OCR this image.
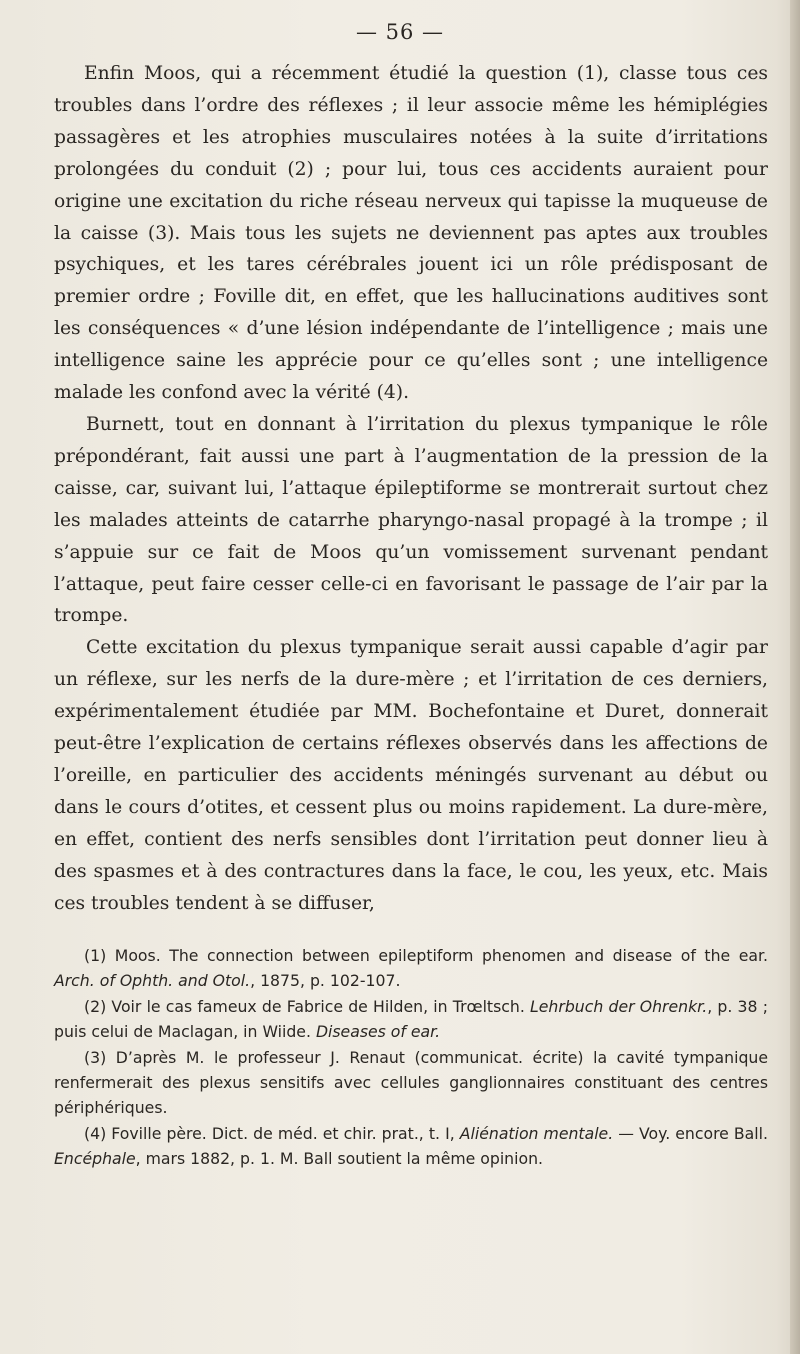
— 56 —

Enfin Moos, qui a récemment étudié la question (1), classe tous ces troubles dans l’ordre des réflexes ; il leur associe même les hémiplégies passagères et les atrophies musculaires notées à la suite d’irritations prolongées du conduit (2) ; pour lui, tous ces accidents auraient pour origine une excitation du riche réseau nerveux qui tapisse la muqueuse de la caisse (3). Mais tous les sujets ne deviennent pas aptes aux troubles psychiques, et les tares cérébrales jouent ici un rôle prédisposant de premier ordre ; Foville dit, en effet, que les hallucinations auditives sont les conséquences « d’une lésion indépendante de l’intelligence ; mais une intelligence saine les apprécie pour ce qu’elles sont ; une intelligence malade les confond avec la vérité (4).

Burnett, tout en donnant à l’irritation du plexus tympanique le rôle prépondérant, fait aussi une part à l’augmentation de la pression de la caisse, car, suivant lui, l’attaque épileptiforme se montrerait surtout chez les malades atteints de catarrhe pharyngo-nasal propagé à la trompe ; il s’appuie sur ce fait de Moos qu’un vomissement survenant pendant l’attaque, peut faire cesser celle-ci en favorisant le passage de l’air par la trompe.

Cette excitation du plexus tympanique serait aussi capable d’agir par un réflexe, sur les nerfs de la dure-mère ; et l’irritation de ces derniers, expérimentalement étudiée par MM. Bochefontaine et Duret, donnerait peut-être l’explication de certains réflexes observés dans les affections de l’oreille, en particulier des accidents méningés survenant au début ou dans le cours d’otites, et cessent plus ou moins rapidement. La dure-mère, en effet, contient des nerfs sensibles dont l’irritation peut donner lieu à des spasmes et à des contractures dans la face, le cou, les yeux, etc. Mais ces troubles tendent à se diffuser,

(1) Moos. The connection between epileptiform phenomen and disease of the ear. Arch. of Ophth. and Otol., 1875, p. 102-107.

(2) Voir le cas fameux de Fabrice de Hilden, in Trœltsch. Lehrbuch der Ohrenkr., p. 38 ; puis celui de Maclagan, in Wiide. Diseases of ear.

(3) D’après M. le professeur J. Renaut (communicat. écrite) la cavité tympanique renfermerait des plexus sensitifs avec cellules ganglionnaires constituant des centres périphériques.

(4) Foville père. Dict. de méd. et chir. prat., t. I, Aliénation mentale. — Voy. encore Ball. Encéphale, mars 1882, p. 1. M. Ball soutient la même opinion.
